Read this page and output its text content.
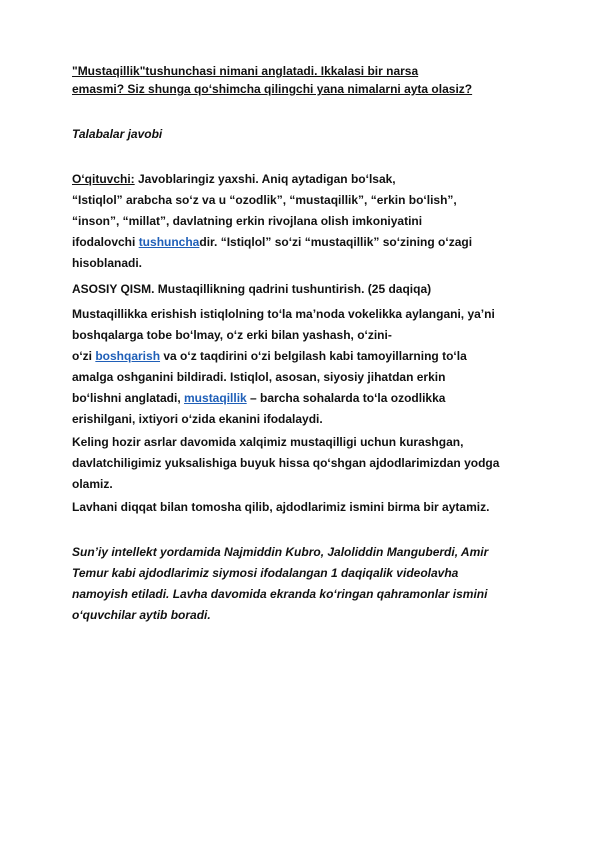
"Mustaqillik"tushunchasi nimani anglatadi. Ikkalasi bir narsa
emasmi? Siz shunga qo‘shimcha qilingchi yana nimalarni ayta olasiz?
Talabalar javobi
O‘qituvchi: Javoblaringiz yaxshi. Aniq aytadigan bo‘lsak,
“Istiqlol” arabcha so‘z va u “ozodlik”, “mustaqillik”, “erkin bo‘lish”,
“inson”, “millat”, davlatning erkin rivojlana olish imkoniyatini
ifodalovchi tushunchadir. “Istiqlol” so‘zi “mustaqillik” so‘zining o‘zagi
hisoblanadi.
ASOSIY QISM. Mustaqillikning qadrini tushuntirish. (25 daqiqa)
Mustaqillikka erishish istiqlolning to‘la ma’noda vokelikka aylangani, ya’ni
boshqalarga tobe bo‘lmay, o‘z erki bilan yashash, o‘zini-
o‘zi boshqarish va o‘z taqdirini o‘zi belgilash kabi tamoyillarning to‘la
amalga oshganini bildiradi. Istiqlol, asosan, siyosiy jihatdan erkin
bo‘lishni anglatadi, mustaqillik – barcha sohalarda to‘la ozodlikka
erishilgani, ixtiyori o‘zida ekanini ifodalaydi.
Keling hozir asrlar davomida xalqimiz mustaqilligi uchun kurashgan,
davlatchiligimiz yuksalishiga buyuk hissa qo‘shgan ajdodlarimizdan yodga
olamiz.
Lavhani diqqat bilan tomosha qilib, ajdodlarimiz ismini birma bir aytamiz.
Sun’iy intellekt yordamida Najmiddin Kubro, Jaloliddin Manguberdi, Amir
Temur kabi ajdodlarimiz siymosi ifodalangan 1 daqiqalik videolavha
namoyish etiladi. Lavha davomida ekranda ko‘ringan qahramonlar ismini
o‘quvchilar aytib boradi.
